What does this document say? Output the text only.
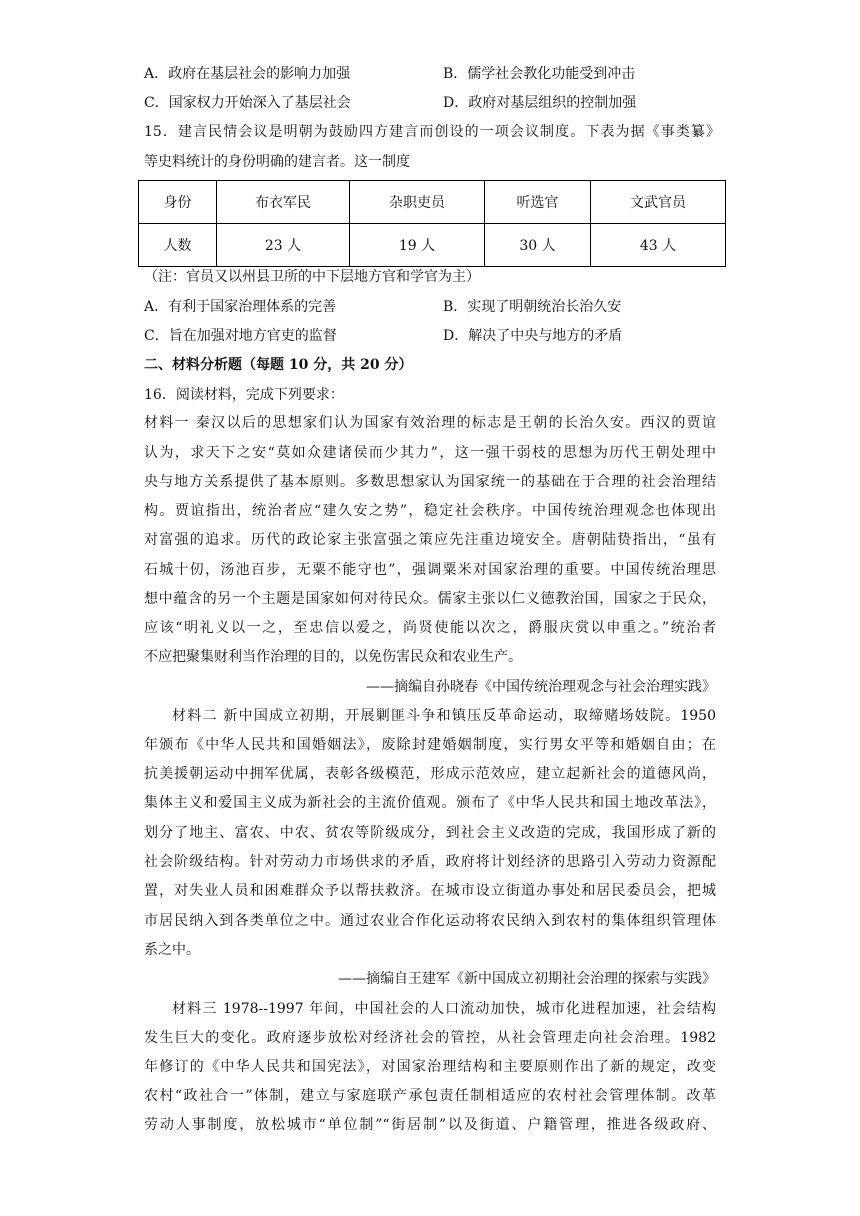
A．政府在基层社会的影响力加强	B．儒学社会教化功能受到冲击
C．国家权力开始深入了基层社会	D．政府对基层组织的控制加强
15．建言民情会议是明朝为鼓励四方建言而创设的一项会议制度。下表为据《事类纂》
等史料统计的身份明确的建言者。这一制度
身份	布衣军民	杂职吏员	听选官	文武官员
人数	23 人	19 人	30 人	43 人
（注：官员又以州县卫所的中下层地方官和学官为主）
A．有利于国家治理体系的完善	B．实现了明朝统治长治久安
C．旨在加强对地方官吏的监督	D．解决了中央与地方的矛盾
二、材料分析题（每题 10 分，共 20 分）
16．阅读材料，完成下列要求：
材料一 秦汉以后的思想家们认为国家有效治理的标志是王朝的长治久安。西汉的贾谊
认为，求天下之安“莫如众建诸侯而少其力”，这一强干弱枝的思想为历代王朝处理中
央与地方关系提供了基本原则。多数思想家认为国家统一的基础在于合理的社会治理结
构。贾谊指出，统治者应“建久安之势”，稳定社会秩序。中国传统治理观念也体现出
对富强的追求。历代的政论家主张富强之策应先注重边境安全。唐朝陆贽指出，“虽有
石城十仞，汤池百步，无粟不能守也”，强调粟米对国家治理的重要。中国传统治理思
想中蕴含的另一个主题是国家如何对待民众。儒家主张以仁义德教治国，国家之于民众，
应该“明礼义以一之，至忠信以爱之，尚贤使能以次之，爵服庆赏以申重之。”统治者
不应把聚集财利当作治理的目的，以免伤害民众和农业生产。
——摘编自孙晓春《中国传统治理观念与社会治理实践》
材料二 新中国成立初期，开展剿匪斗争和镇压反革命运动，取缔赌场妓院。1950
年颁布《中华人民共和国婚姻法》，废除封建婚姻制度，实行男女平等和婚姻自由；在
抗美援朝运动中拥军优属，表彰各级模范，形成示范效应，建立起新社会的道德风尚，
集体主义和爱国主义成为新社会的主流价值观。颁布了《中华人民共和国土地改革法》，
划分了地主、富农、中农、贫农等阶级成分，到社会主义改造的完成，我国形成了新的
社会阶级结构。针对劳动力市场供求的矛盾，政府将计划经济的思路引入劳动力资源配
置，对失业人员和困难群众予以帮扶救济。在城市设立街道办事处和居民委员会，把城
市居民纳入到各类单位之中。通过农业合作化运动将农民纳入到农村的集体组织管理体
系之中。
——摘编自王建军《新中国成立初期社会治理的探索与实践》
材料三 1978--1997 年间，中国社会的人口流动加快，城市化进程加速，社会结构
发生巨大的变化。政府逐步放松对经济社会的管控，从社会管理走向社会治理。1982
年修订的《中华人民共和国宪法》，对国家治理结构和主要原则作出了新的规定，改变
农村“政社合一”体制，建立与家庭联产承包责任制相适应的农村社会管理体制。改革
劳动人事制度，放松城市“单位制”“街居制”以及街道、户籍管理，推进各级政府、
